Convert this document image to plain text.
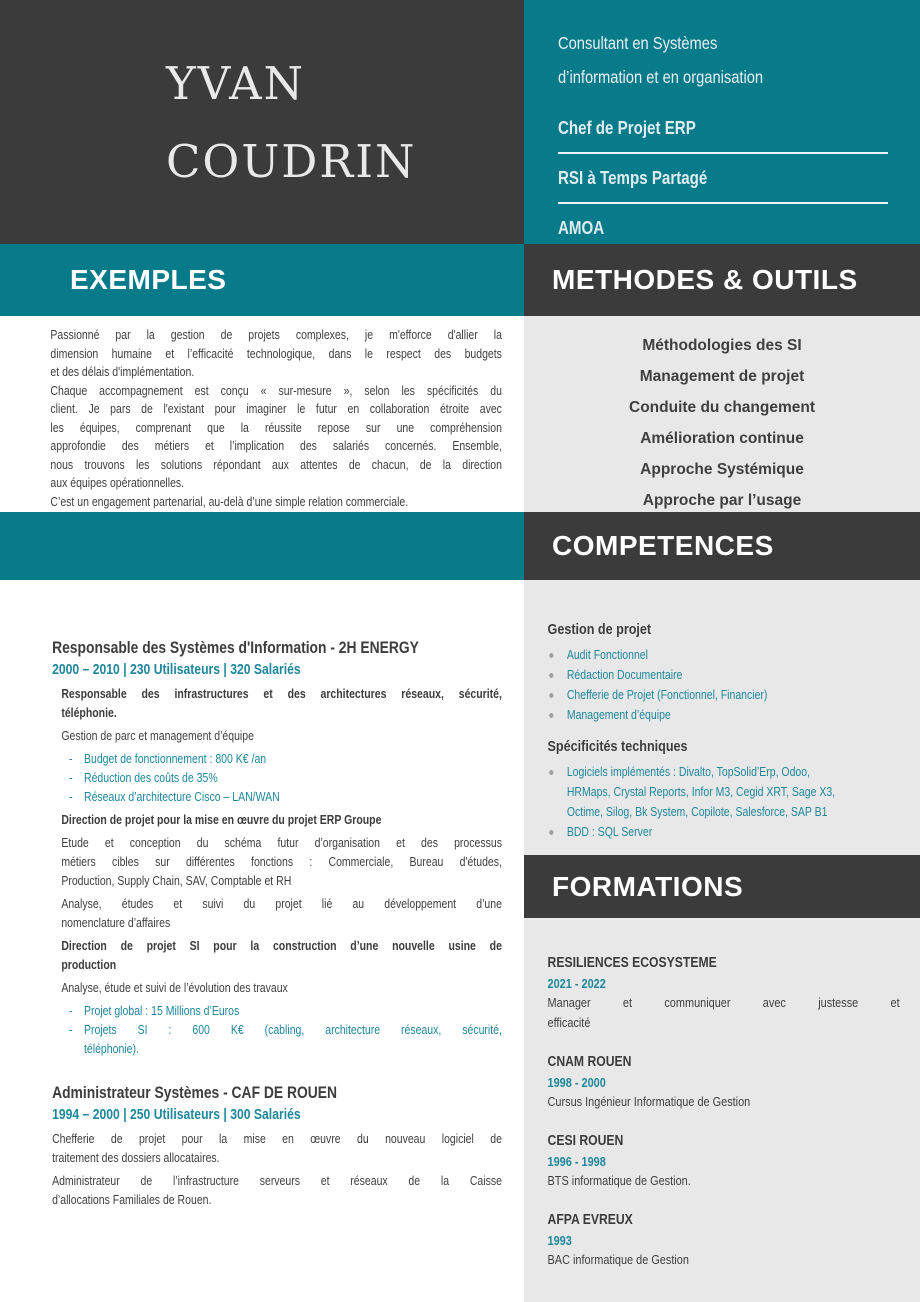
YVAN
COUDRIN
EXEMPLES
Passionné par la gestion de projets complexes, je m'efforce d'allier la
dimension humaine et l’efficacité technologique, dans le respect des budgets
et des délais d'implémentation.
Chaque accompagnement est conçu « sur-mesure », selon les spécificités du
client. Je pars de l'existant pour imaginer le futur en collaboration étroite avec
les équipes, comprenant que la réussite repose sur une compréhension
approfondie des métiers et l’implication des salariés concernés. Ensemble,
nous trouvons les solutions répondant aux attentes de chacun, de la direction
aux équipes opérationnelles.
C’est un engagement partenarial, au-delà d’une simple relation commerciale.
Responsable des Systèmes d'Information - 2H ENERGY
2000 – 2010 | 230 Utilisateurs | 320 Salariés
Responsable des infrastructures et des architectures réseaux, sécurité,
téléphonie.
Gestion de parc et management d’équipe
- Budget de fonctionnement : 800 K€ /an
- Réduction des coûts de 35%
- Réseaux d’architecture Cisco – LAN/WAN
Direction de projet pour la mise en œuvre du projet ERP Groupe
Etude et conception du schéma futur d’organisation et des processus
métiers cibles sur différentes fonctions : Commerciale, Bureau d'études,
Production, Supply Chain, SAV, Comptable et RH
Analyse, études et suivi du projet lié au développement d’une
nomenclature d’affaires
Direction de projet SI pour la construction d’une nouvelle usine de
production
Analyse, étude et suivi de l’évolution des travaux
- Projet global : 15 Millions d’Euros
- Projets SI : 600 K€ (cabling, architecture réseaux, sécurité,
téléphonie).
Administrateur Systèmes - CAF DE ROUEN
1994 – 2000 | 250 Utilisateurs | 300 Salariés
Chefferie de projet pour la mise en œuvre du nouveau logiciel de
traitement des dossiers allocataires.
Administrateur de l’infrastructure serveurs et réseaux de la Caisse
d’allocations Familiales de Rouen.
Consultant en Systèmes
d’information et en organisation
Chef de Projet ERP
RSI à Temps Partagé
AMOA
METHODES & OUTILS
Méthodologies des SI
Management de projet
Conduite du changement
Amélioration continue
Approche Systémique
Approche par l’usage
COMPETENCES
Gestion de projet
Audit Fonctionnel
Rédaction Documentaire
Chefferie de Projet (Fonctionnel, Financier)
Management d’équipe
Spécificités techniques
Logiciels implémentés : Divalto, TopSolid’Erp, Odoo,
HRMaps, Crystal Reports, Infor M3, Cegid XRT, Sage X3,
Octime, Silog, Bk System, Copilote, Salesforce, SAP B1
BDD : SQL Server
FORMATIONS
RESILIENCES ECOSYSTEME
2021 - 2022
Manager et communiquer avec justesse et
efficacité
CNAM ROUEN
1998 - 2000
Cursus Ingénieur Informatique de Gestion
CESI ROUEN
1996 - 1998
BTS informatique de Gestion.
AFPA EVREUX
1993
BAC informatique de Gestion
